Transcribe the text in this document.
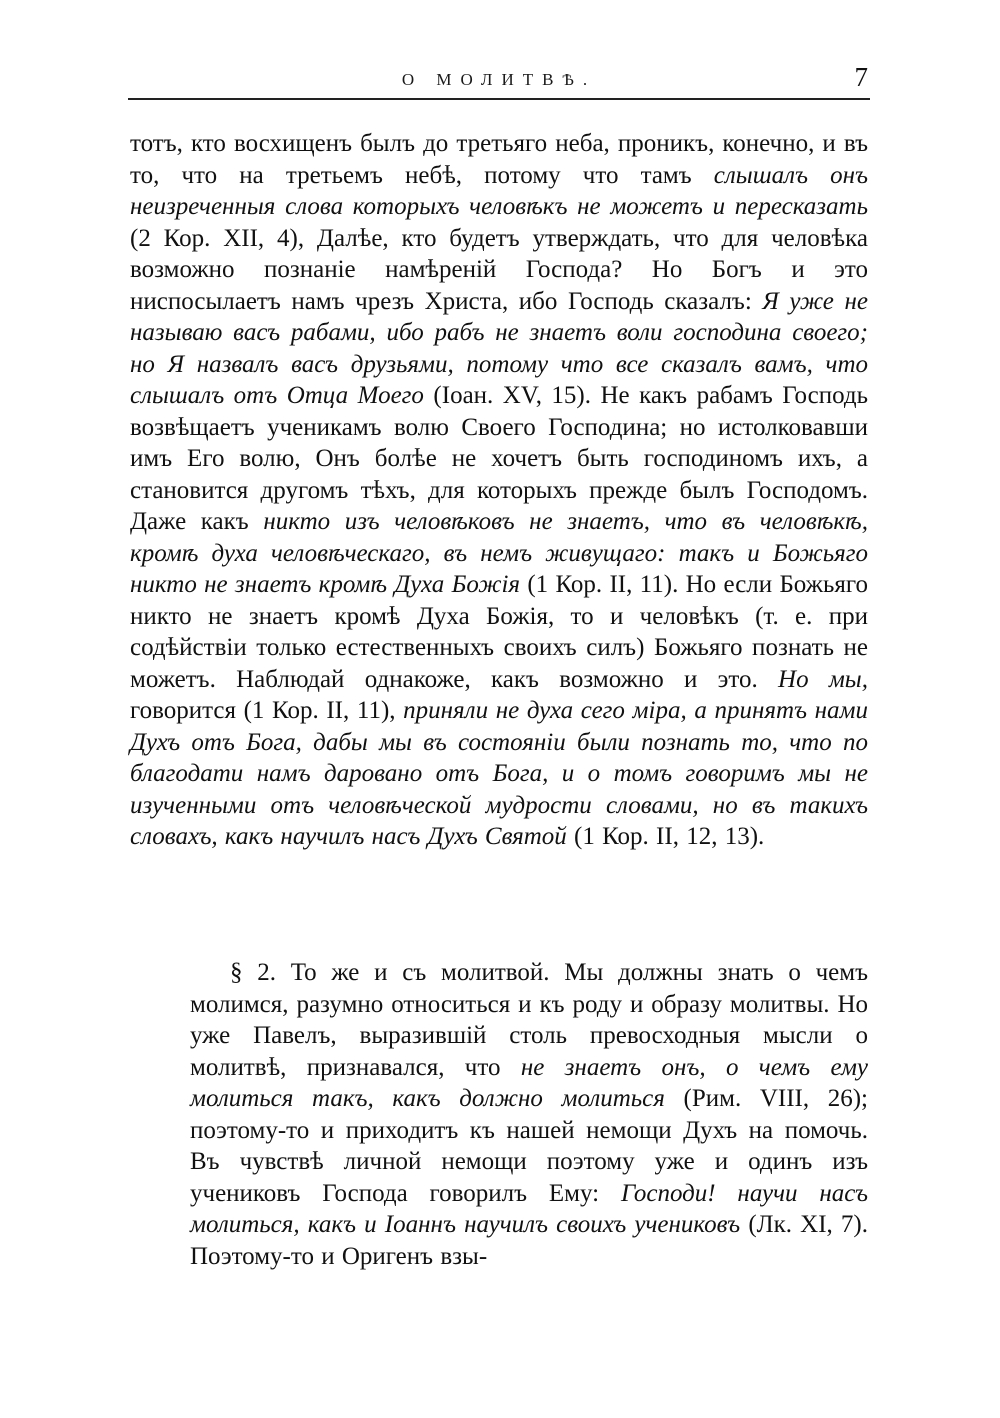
О МОЛИТВѢ.	7
тотъ, кто восхищенъ былъ до третьяго неба, проникъ, конечно, и въ то, что на третьемъ небѣ, потому что тамъ слышалъ онъ неизреченныя слова которыхъ человѣкъ не можетъ и пересказать (2 Кор. XII, 4), Далѣе, кто будетъ утверждать, что для человѣка возможно познаніе намѣреній Господа? Но Богъ и это ниспосылаетъ намъ чрезъ Христа, ибо Господь сказалъ: Я уже не называю васъ рабами, ибо рабъ не знаетъ воли господина своего; но Я назвалъ васъ друзьями, потому что все сказалъ вамъ, что слышалъ отъ Отца Моего (Іоан. XV, 15). Не какъ рабамъ Господь возвѣщаетъ ученикамъ волю Своего Господина; но истолковавши имъ Его волю, Онъ болѣе не хочетъ быть господиномъ ихъ, а становится другомъ тѣхъ, для которыхъ прежде былъ Господомъ. Даже какъ никто изъ человѣковъ не знаетъ, что въ человѣкѣ, кромѣ духа человѣческаго, въ немъ живущаго: такъ и Божьяго никто не знаетъ кромѣ Духа Божія (1 Кор. II, 11). Но если Божьяго никто не знаетъ кромѣ Духа Божія, то и человѣкъ (т. е. при содѣйствіи только естественныхъ своихъ силъ) Божьяго познать не можетъ. Наблюдай однакоже, какъ возможно и это. Но мы, говорится (1 Кор. II, 11), приняли не духа сего міра, а принятъ нами Духъ отъ Бога, дабы мы въ состояніи были познать то, что по благодати намъ даровано отъ Бога, и о томъ говоримъ мы не изученными отъ человѣческой мудрости словами, но въ такихъ словахъ, какъ научилъ насъ Духъ Святой (1 Кор. II, 12, 13).
§ 2. То же и съ молитвой. Мы должны знать о чемъ молимся, разумно относиться и къ роду и образу молитвы. Но уже Павелъ, выразившій столь превосходныя мысли о молитвѣ, признавался, что не знаетъ онъ, о чемъ ему молиться такъ, какъ должно молиться (Рим. VIII, 26); поэтому-то и приходитъ къ нашей немощи Духъ на помочь. Въ чувствѣ личной немощи поэтому уже и одинъ изъ учениковъ Господа говорилъ Ему: Господи! научи насъ молиться, какъ и Іоаннъ научилъ своихъ учениковъ (Лк. XI, 7). Поэтому-то и Оригенъ взы-
